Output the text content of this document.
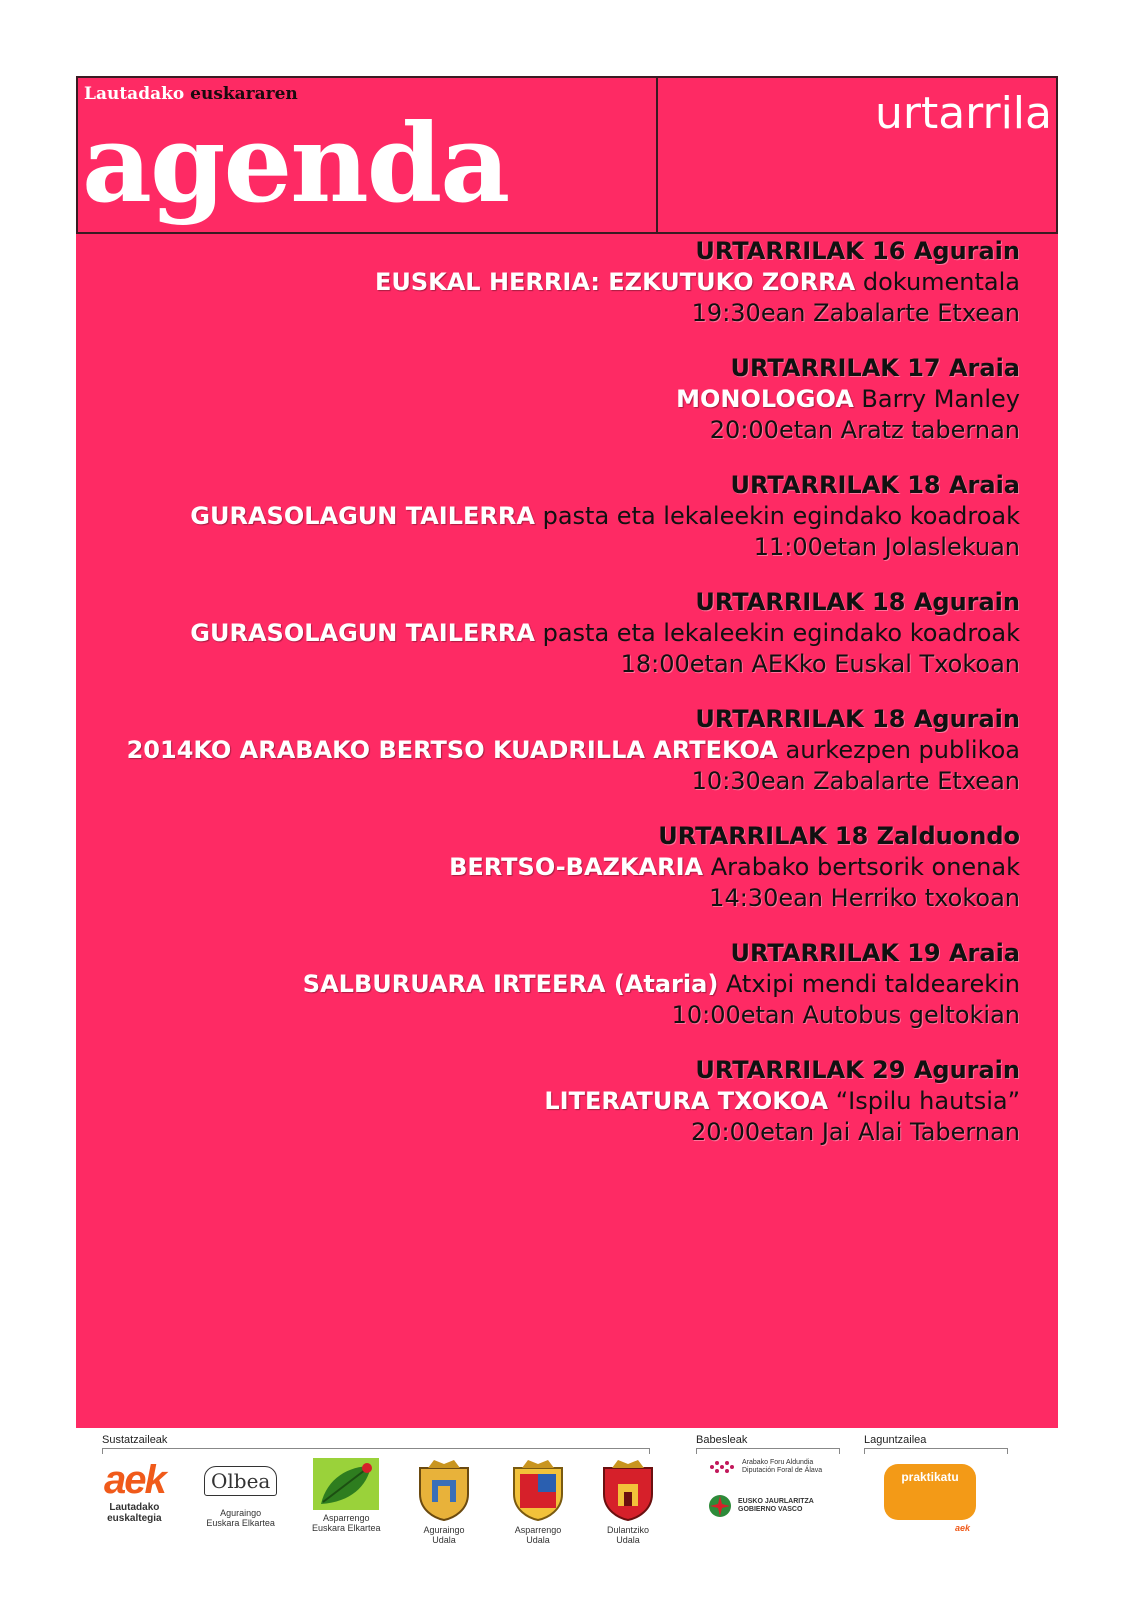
Lautadako euskararen
agenda	urtarrila
URTARRILAK 16 Agurain
EUSKAL HERRIA: EZKUTUKO ZORRA dokumentala
19:30ean Zabalarte Etxean
URTARRILAK 17 Araia
MONOLOGOA Barry Manley
20:00etan Aratz tabernan
URTARRILAK 18 Araia
GURASOLAGUN TAILERRA pasta eta lekaleekin egindako koadroak
11:00etan Jolaslekuan
URTARRILAK 18 Agurain
GURASOLAGUN TAILERRA pasta eta lekaleekin egindako koadroak
18:00etan AEKko Euskal Txokoan
URTARRILAK 18 Agurain
2014KO ARABAKO BERTSO KUADRILLA ARTEKOA aurkezpen publikoa
10:30ean Zabalarte Etxean
URTARRILAK 18 Zalduondo
BERTSO-BAZKARIA Arabako bertsorik onenak
14:30ean Herriko txokoan
URTARRILAK 19 Araia
SALBURUARA IRTEERA (Ataria) Atxipi mendi taldearekin
10:00etan Autobus geltokian
URTARRILAK 29 Agurain
LITERATURA TXOKOA “Ispilu hautsia”
20:00etan Jai Alai Tabernan
Sustatzaileak	Babesleak	Laguntzailea
aek
Lautadako
euskaltegia
Olbea
Aguraingo
Euskara Elkartea	Asparrengo
Euskara Elkartea	Aguraingo
Udala
Asparrengo
Udala
Dulantziko
Udala
Arabako Foru Aldundia
Diputación Foral de Álava
EUSKO JAURLARITZA
GOBIERNO VASCO
praktikatu
aek
